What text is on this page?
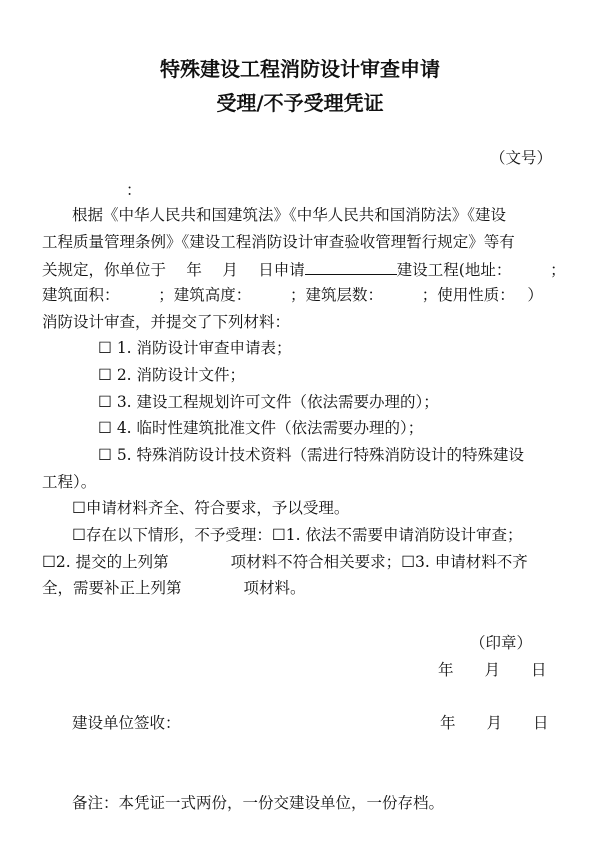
特殊建设工程消防设计审查申请
受理/不予受理凭证
（文号）
：
根据《中华人民共和国建筑法》《中华人民共和国消防法》《建设
工程质量管理条例》《建设工程消防设计审查验收管理暂行规定》等有
关规定，你单位于　 年　 月　 日申请	建设工程(地址：　　　；
建筑面积：　　　；建筑高度：　　　；建筑层数：　　　；使用性质：　 ）
消防设计审查，并提交了下列材料：
☐ 1. 消防设计审查申请表；
☐ 2. 消防设计文件；
☐ 3. 建设工程规划许可文件（依法需要办理的）；
☐ 4. 临时性建筑批准文件（依法需要办理的）；
☐ 5. 特殊消防设计技术资料（需进行特殊消防设计的特殊建设
工程）。
☐申请材料齐全、符合要求，予以受理。
☐存在以下情形，不予受理：☐1. 依法不需要申请消防设计审查；
☐2. 提交的上列第　　　　项材料不符合相关要求；☐3. 申请材料不齐
全，需要补正上列第　　　　项材料。
（印章）
年　　月　　日
建设单位签收：	年　　月　　日
备注：本凭证一式两份，一份交建设单位，一份存档。
